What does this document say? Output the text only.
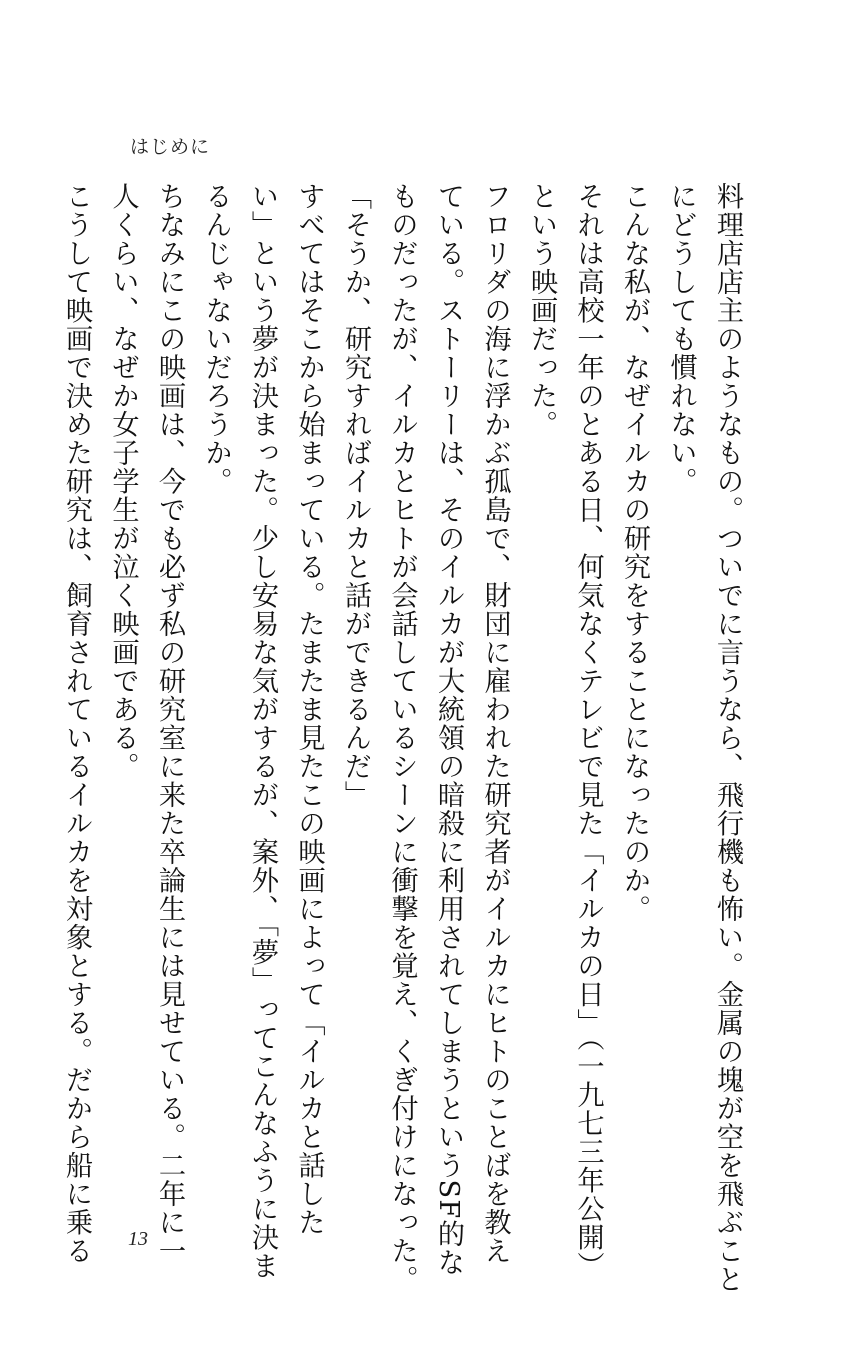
はじめに
料理店店主のようなもの。ついでに言うなら、飛行機も怖い。金属の塊が空を飛ぶこと
にどうしても慣れない。
こんな私が、なぜイルカの研究をすることになったのか。
それは高校一年のとある日、何気なくテレビで見た「イルカの日」（一九七三年公開）
という映画だった。
フロリダの海に浮かぶ孤島で、財団に雇われた研究者がイルカにヒトのことばを教え
ている。ストーリーは、そのイルカが大統領の暗殺に利用されてしまうというSF的な
ものだったが、イルカとヒトが会話しているシーンに衝撃を覚え、くぎ付けになった。
「そうか、研究すればイルカと話ができるんだ」
すべてはそこから始まっている。たまたま見たこの映画によって「イルカと話した
い」という夢が決まった。少し安易な気がするが、案外、「夢」ってこんなふうに決ま
るんじゃないだろうか。
ちなみにこの映画は、今でも必ず私の研究室に来た卒論生には見せている。二年に一
人くらい、なぜか女子学生が泣く映画である。
こうして映画で決めた研究は、飼育されているイルカを対象とする。だから船に乗る	13
